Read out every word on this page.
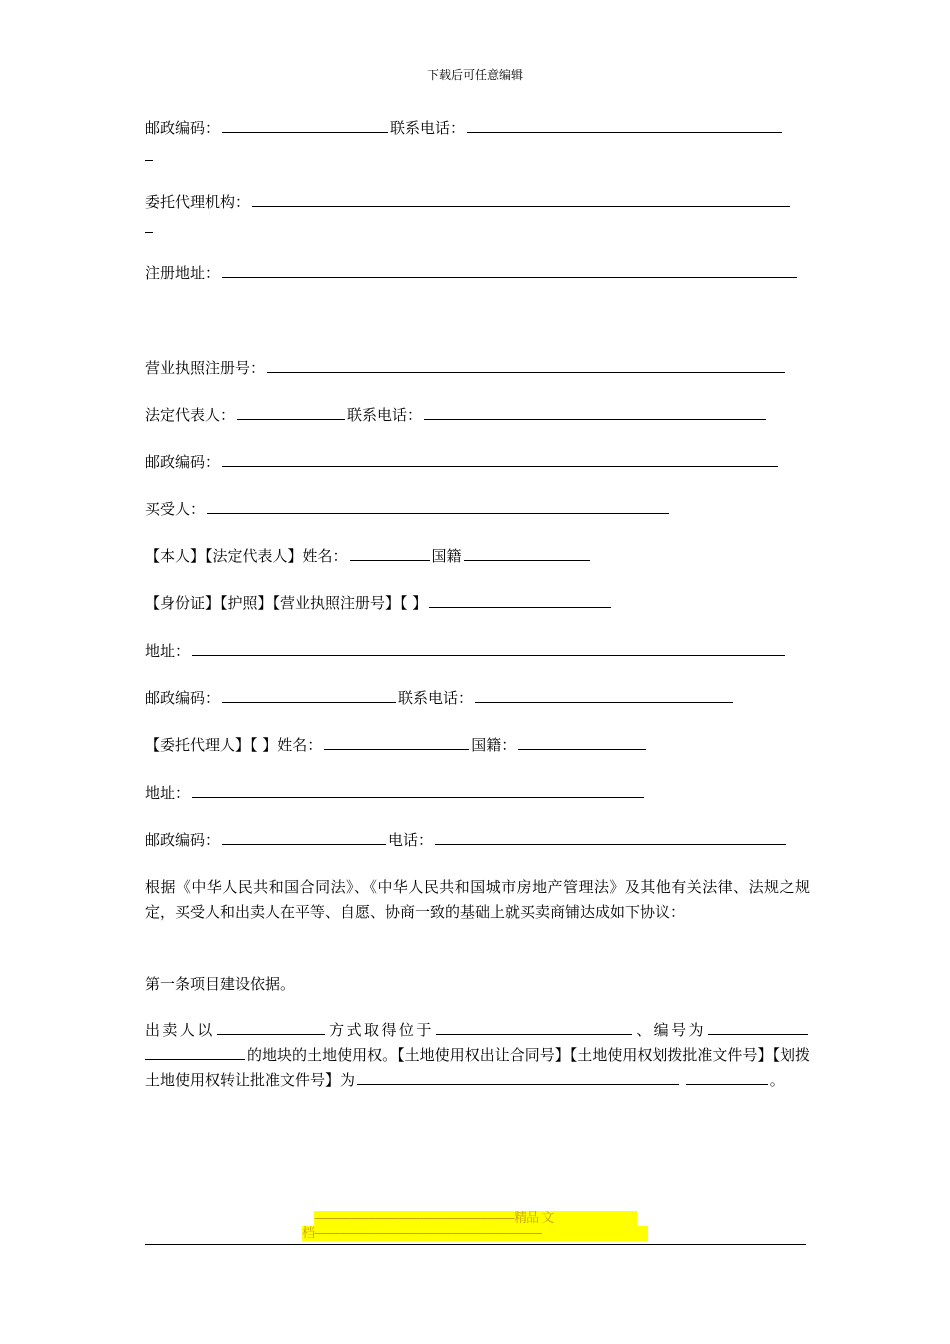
下载后可任意编辑
邮政编码：	联系电话：
委托代理机构：
注册地址：
营业执照注册号：
法定代表人：	联系电话：
邮政编码：
买受人：
【本人】【法定代表人】姓名：	国籍
【身份证】【护照】【营业执照注册号】【 】
地址：
邮政编码：	联系电话：
【委托代理人】【 】姓名：	国籍：
地址：
邮政编码：	电话：
根据《中华人民共和国合同法》、《中华人民共和国城市房地产管理法》及其他有关法律、法规之规定，买受人和出卖人在平等、自愿、协商一致的基础上就买卖商铺达成如下协议：
第一条项目建设依据。
出卖人以	方式取得位于	、编号为 的地块的土地使用权。【土地使用权出让合同号】【土地使用权划拨批准文件号】【划拨土地使用权转让批准文件号】为	。
-----------------------------------------------------------精品 文
档-------------------------------------------------------------------
